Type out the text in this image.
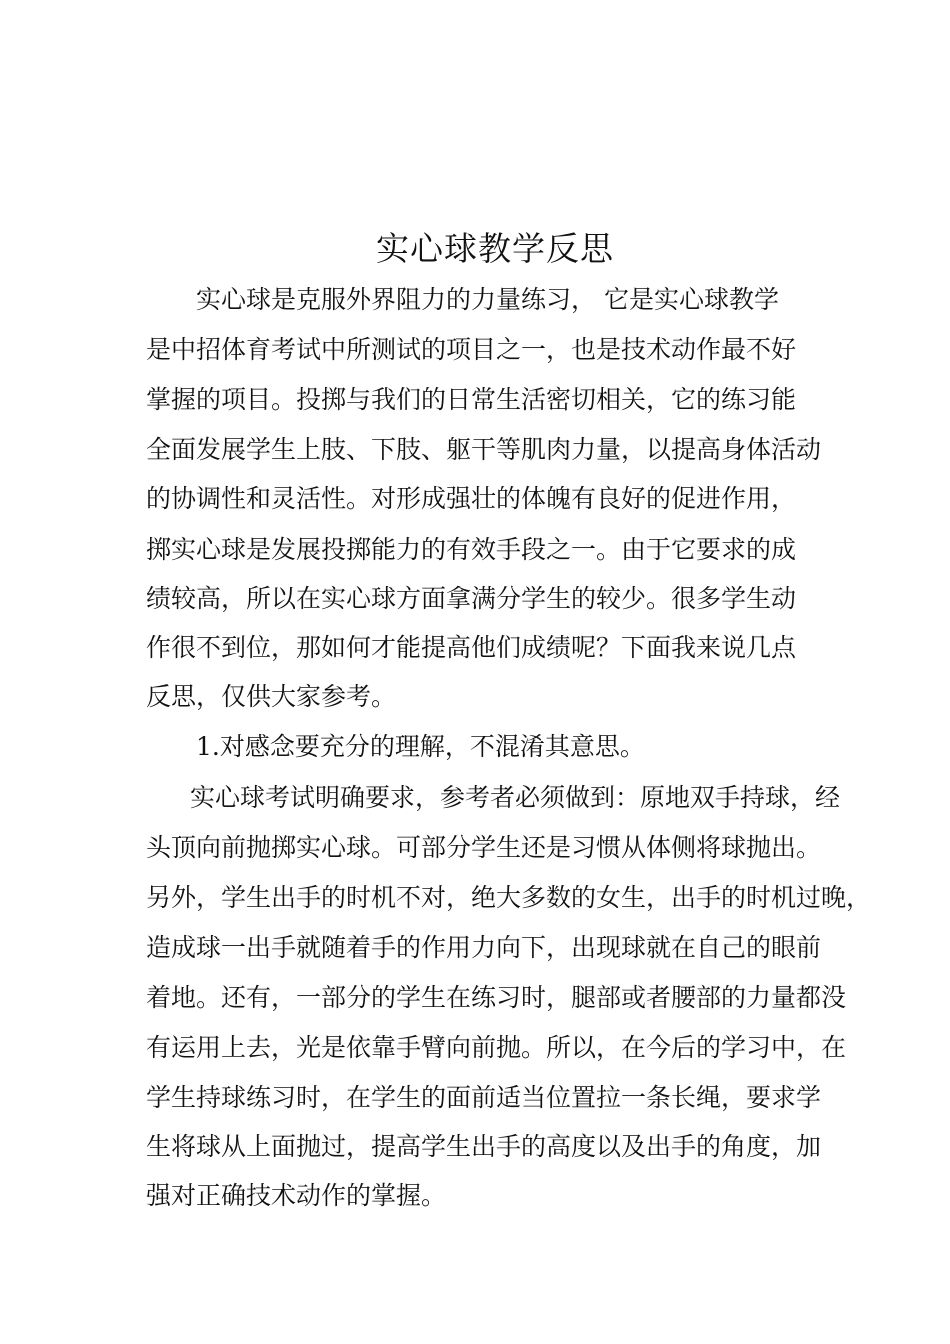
实心球教学反思
实心球是克服外界阻力的力量练习， 它是实心球教学
是中招体育考试中所测试的项目之一，也是技术动作最不好
掌握的项目。投掷与我们的日常生活密切相关，它的练习能
全面发展学生上肢、下肢、躯干等肌肉力量，以提高身体活动
的协调性和灵活性。对形成强壮的体魄有良好的促进作用，
掷实心球是发展投掷能力的有效手段之一。由于它要求的成
绩较高，所以在实心球方面拿满分学生的较少。很多学生动
作很不到位，那如何才能提高他们成绩呢？下面我来说几点
反思，仅供大家参考。
1.对感念要充分的理解，不混淆其意思。
实心球考试明确要求，参考者必须做到：原地双手持球，经
头顶向前抛掷实心球。可部分学生还是习惯从体侧将球抛出。
另外，学生出手的时机不对，绝大多数的女生，出手的时机过晚，
造成球一出手就随着手的作用力向下，出现球就在自己的眼前
着地。还有，一部分的学生在练习时，腿部或者腰部的力量都没
有运用上去，光是依靠手臂向前抛。所以，在今后的学习中，在
学生持球练习时，在学生的面前适当位置拉一条长绳，要求学
生将球从上面抛过，提高学生出手的高度以及出手的角度，加
强对正确技术动作的掌握。
